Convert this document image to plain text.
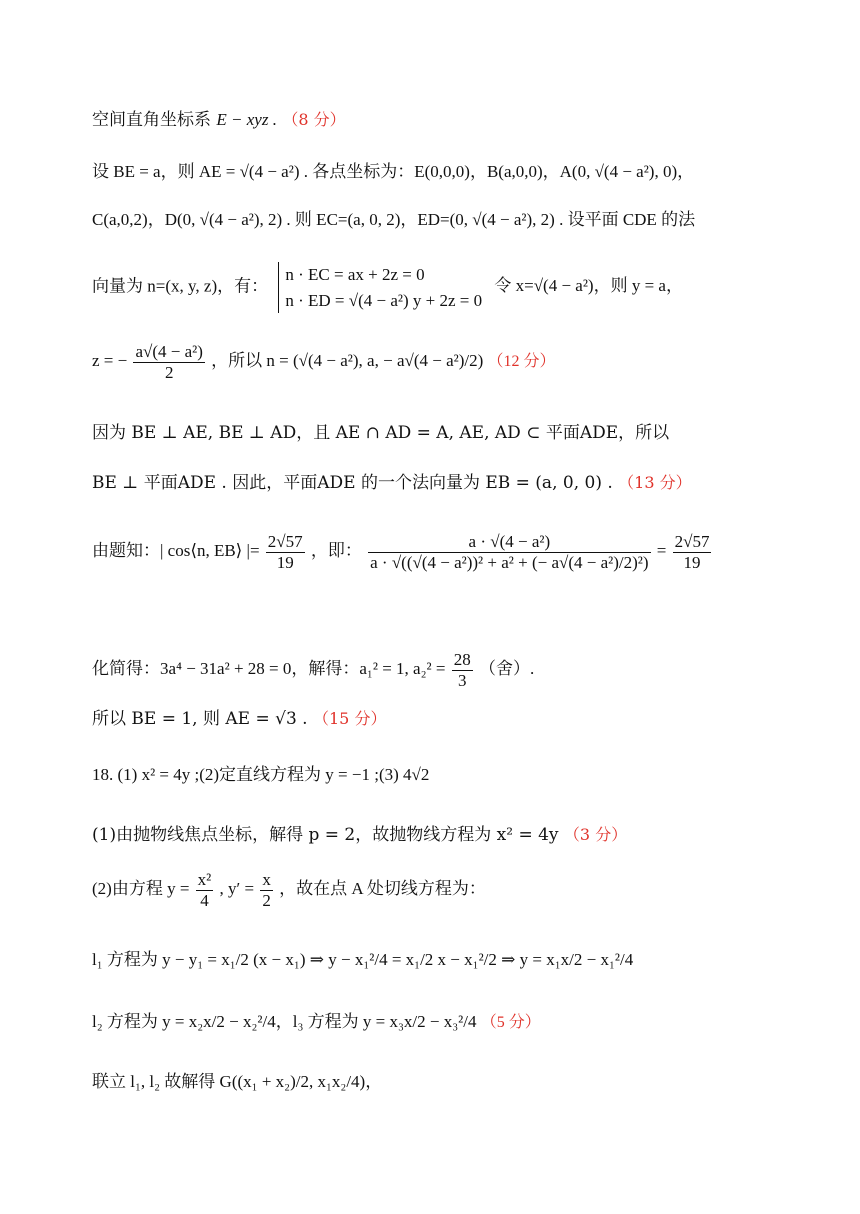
空间直角坐标系 E − xyz . （8 分）
设 BE = a，则 AE = √(4 − a²) . 各点坐标为：E(0,0,0)，B(a,0,0)，A(0, √(4 − a²), 0)，
C(a,0,2)，D(0, √(4 − a²), 2) . 则 EC=(a, 0, 2)，ED=(0, √(4 − a²), 2) . 设平面 CDE 的法
向量为 n=(x, y, z)，有：
n · EC = ax + 2z = 0
n · ED = √(4 − a²) y + 2z = 0
令 x=√(4 − a²)，则 y = a，
z = − $\frac{\text{a√(4 − a²)}}{2}$ ，所以 n = (√(4 − a²), a, − a√(4 − a²)/2) （12 分）
因为 BE ⊥ AE, BE ⊥ AD，且 AE ∩ AD = A, AE, AD ⊂ 平面ADE，所以
BE ⊥ 平面ADE . 因此，平面ADE 的一个法向量为 EB = (a, 0, 0) . （13 分）
由题知：| cos⟨n, EB⟩ |= $\frac{2√57}{19}$ ，即： $\frac{\text{a · √(4 − a²)}}{\text{a · √((√(4 − a²))² + a² + (− a√(4 − a²)/2)²)}} = \frac{2√57}{19}$
化简得：3a⁴ − 31a² + 28 = 0，解得：a₁² = 1, $a_2^2 = \frac{28}{3}$ （舍）.
所以 BE = 1, 则 AE = √3 . （15 分）
18. (1) x² = 4y ;(2)定直线方程为 y = −1 ;(3) 4√2
(1)由抛物线焦点坐标，解得 p = 2，故抛物线方程为 x² = 4y （3 分）
(2)由方程 $y = \frac{\text{x²}}{4}$ , $y' = \frac{x}{2}$ ，故在点 A 处切线方程为：
l₁ 方程为 y − y₁ = x₁/2 (x − x₁) ⇒ y − x₁²/4 = x₁/2 x − x₁²/2 ⇒ y = x₁x/2 − x₁²/4
l₂ 方程为 y = x₂x/2 − x₂²/4，l₃ 方程为 y = x₃x/2 − x₃²/4 （5 分）
联立 l₁, l₂ 故解得 G((x₁ + x₂)/2, x₁x₂/4)，
